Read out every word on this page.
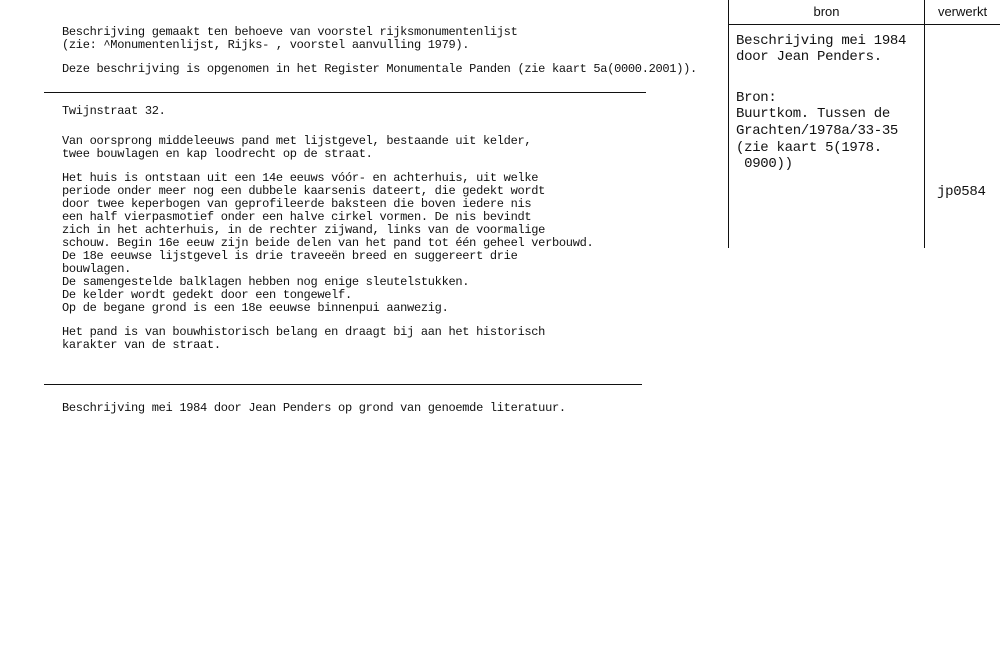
Beschrijving gemaakt ten behoeve van voorstel rijksmonumentenlijst
(zie: ^Monumentenlijst, Rijks- , voorstel aanvulling 1979).
Deze beschrijving is opgenomen in het Register Monumentale Panden (zie kaart 5a(0000.2001)).
Twijnstraat 32.
Van oorsprong middeleeuws pand met lijstgevel, bestaande uit kelder,
twee bouwlagen en kap loodrecht op de straat.
Het huis is ontstaan uit een 14e eeuws vóór- en achterhuis, uit welke
periode onder meer nog een dubbele kaarsenis dateert, die gedekt wordt
door twee keperbogen van geprofileerde baksteen die boven iedere nis
een half vierpasmotief onder een halve cirkel vormen. De nis bevindt
zich in het achterhuis, in de rechter zijwand, links van de voormalige
schouw. Begin 16e eeuw zijn beide delen van het pand tot één geheel verbouwd.
De 18e eeuwse lijstgevel is drie traveeën breed en suggereert drie
bouwlagen.
De samengestelde balklagen hebben nog enige sleutelstukken.
De kelder wordt gedekt door een tongewelf.
Op de begane grond is een 18e eeuwse binnenpui aanwezig.
Het pand is van bouwhistorisch belang en draagt bij aan het historisch
karakter van de straat.
Beschrijving mei 1984 door Jean Penders op grond van genoemde literatuur.
bron	verwerkt
Beschrijving mei 1984
door Jean Penders.
Bron:
Buurtkom. Tussen de
Grachten/1978a/33-35
(zie kaart 5(1978.
0900))
jp0584
